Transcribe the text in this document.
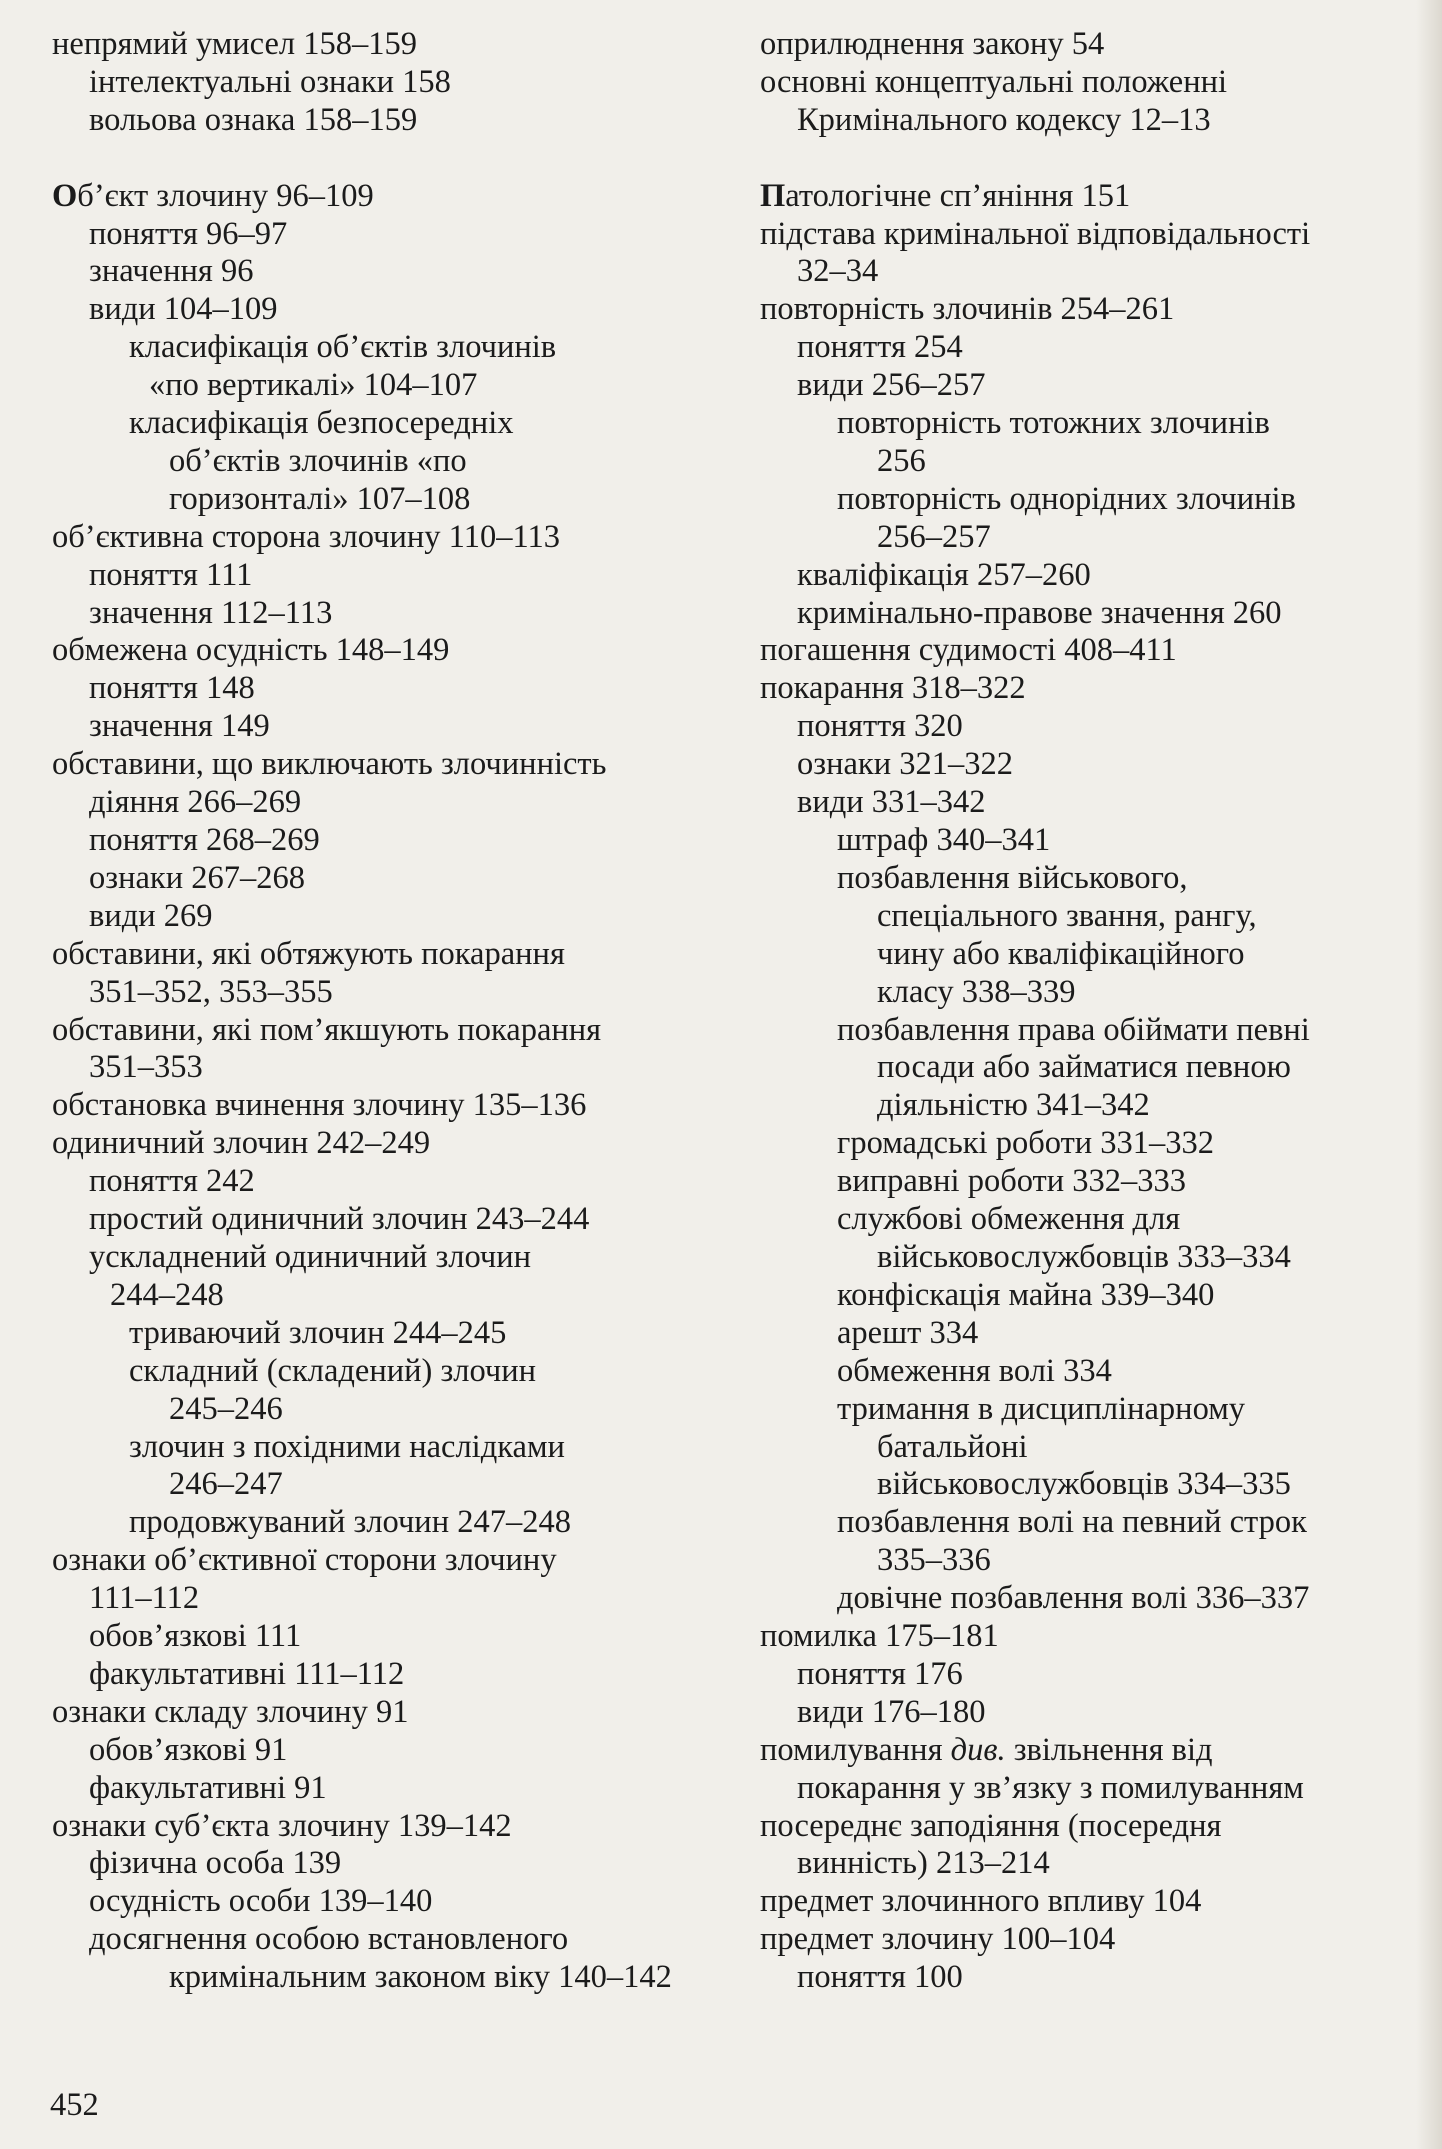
непрямий умисел 158–159
інтелектуальні ознаки 158
вольова ознака 158–159
Об’єкт злочину 96–109
поняття 96–97
значення 96
види 104–109
класифікація об’єктів злочинів
«по вертикалі» 104–107
класифікація безпосередніх
об’єктів злочинів «по
горизонталі» 107–108
об’єктивна сторона злочину 110–113
поняття 111
значення 112–113
обмежена осудність 148–149
поняття 148
значення 149
обставини, що виключають злочинність
діяння 266–269
поняття 268–269
ознаки 267–268
види 269
обставини, які обтяжують покарання
351–352, 353–355
обставини, які пом’якшують покарання
351–353
обстановка вчинення злочину 135–136
одиничний злочин 242–249
поняття 242
простий одиничний злочин 243–244
ускладнений одиничний злочин
244–248
триваючий злочин 244–245
складний (складений) злочин
245–246
злочин з похідними наслідками
246–247
продовжуваний злочин 247–248
ознаки об’єктивної сторони злочину
111–112
обов’язкові 111
факультативні 111–112
ознаки складу злочину 91
обов’язкові 91
факультативні 91
ознаки суб’єкта злочину 139–142
фізична особа 139
осудність особи 139–140
досягнення особою встановленого
кримінальним законом віку 140–142
оприлюднення закону 54
основні концептуальні положенні
Кримінального кодексу 12–13
Патологічне сп’яніння 151
підстава кримінальної відповідальності
32–34
повторність злочинів 254–261
поняття 254
види 256–257
повторність тотожних злочинів
256
повторність однорідних злочинів
256–257
кваліфікація 257–260
кримінально-правове значення 260
погашення судимості 408–411
покарання 318–322
поняття 320
ознаки 321–322
види 331–342
штраф 340–341
позбавлення військового,
спеціального звання, рангу,
чину або кваліфікаційного
класу 338–339
позбавлення права обіймати певні
посади або займатися певною
діяльністю 341–342
громадські роботи 331–332
виправні роботи 332–333
службові обмеження для
військовослужбовців 333–334
конфіскація майна 339–340
арешт 334
обмеження волі 334
тримання в дисциплінарному
батальйоні
військовослужбовців 334–335
позбавлення волі на певний строк
335–336
довічне позбавлення волі 336–337
помилка 175–181
поняття 176
види 176–180
помилування див. звільнення від
покарання у зв’язку з помилуванням
посереднє заподіяння (посередня
винність) 213–214
предмет злочинного впливу 104
предмет злочину 100–104
поняття 100
452
